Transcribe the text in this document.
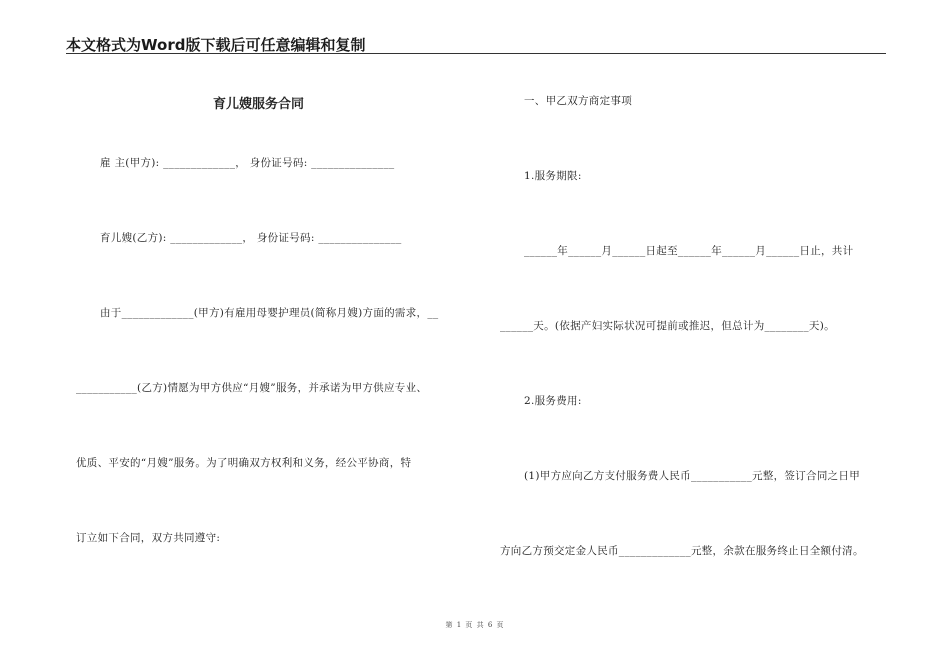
本文格式为Word版下载后可任意编辑和复制
育儿嫂服务合同
雇 主(甲方): _____________， 身份证号码: _______________
育儿嫂(乙方): _____________， 身份证号码: _______________
由于_____________(甲方)有雇用母婴护理员(简称月嫂)方面的需求，__
___________(乙方)情愿为甲方供应“月嫂”服务，并承诺为甲方供应专业、
优质、平安的“月嫂”服务。为了明确双方权利和义务，经公平协商，特
订立如下合同，双方共同遵守:
一、甲乙双方商定事项
1.服务期限:
______年______月______日起至______年______月______日止，共计
______天。(依据产妇实际状况可提前或推迟，但总计为________天)。
2.服务费用:
(1)甲方应向乙方支付服务费人民币___________元整，签订合同之日甲
方向乙方预交定金人民币_____________元整，余款在服务终止日全额付清。
第 1 页 共 6 页
